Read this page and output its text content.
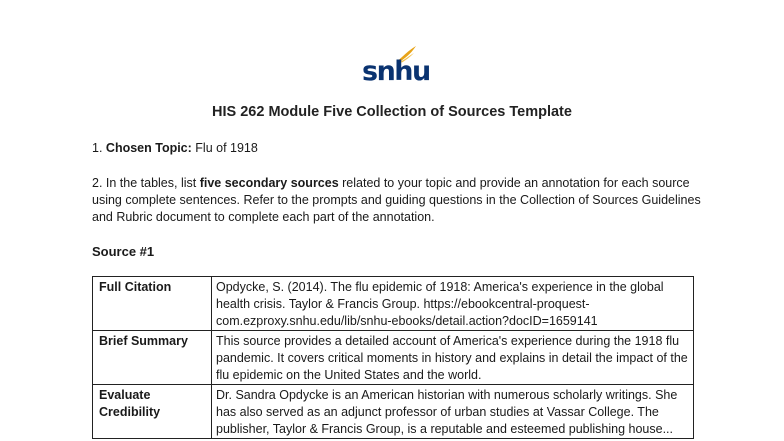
snhu
HIS 262 Module Five Collection of Sources Template
1. Chosen Topic: Flu of 1918
2. In the tables, list five secondary sources related to your topic and provide an annotation for each source using complete sentences. Refer to the prompts and guiding questions in the Collection of Sources Guidelines and Rubric document to complete each part of the annotation.
Source #1
Full Citation	Opdycke, S. (2014). The flu epidemic of 1918: America's experience in the global health crisis. Taylor & Francis Group. https://ebookcentral-proquest-com.ezproxy.snhu.edu/lib/snhu-ebooks/detail.action?docID=1659141
Brief Summary	This source provides a detailed account of America's experience during the 1918 flu pandemic. It covers critical moments in history and explains in detail the impact of the flu epidemic on the United States and the world.
Evaluate Credibility	Dr. Sandra Opdycke is an American historian with numerous scholarly writings. She has also served as an adjunct professor of urban studies at Vassar College. The publisher, Taylor & Francis Group, is a reputable and esteemed publishing house...
